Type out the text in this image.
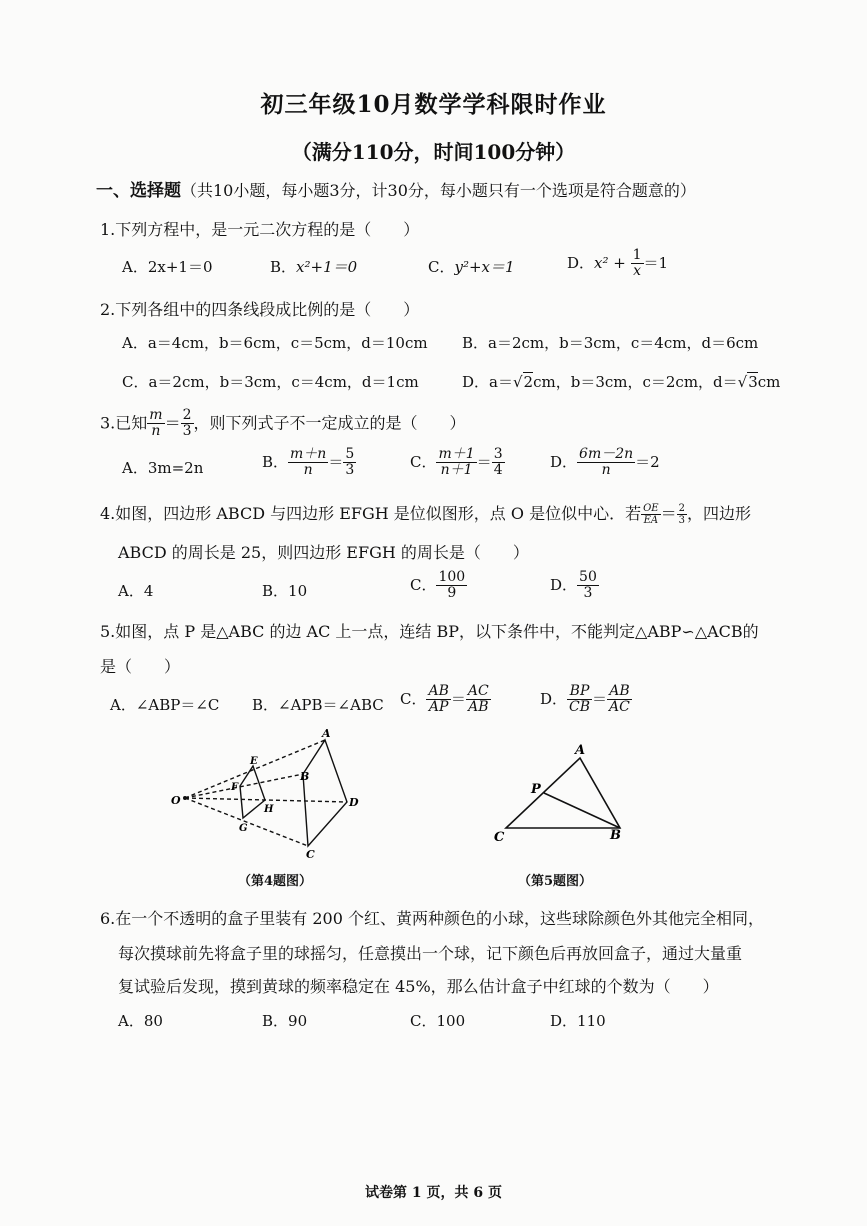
初三年级10月数学学科限时作业
（满分110分，时间100分钟）
一、选择题（共10小题，每小题3分，计30分，每小题只有一个选项是符合题意的）
1.下列方程中，是一元二次方程的是（　　）
A．2x+1＝0	B．x²+1＝0	C．y²+x＝1	D．$x^2 + \frac{1}{x} =1$
2.下列各组中的四条线段成比例的是（　　）
A．a＝4cm，b＝6cm，c＝5cm，d＝10cm B．a＝2cm，b＝3cm，c＝4cm，d＝6cm
C．a＝2cm，b＝3cm，c＝4cm，d＝1cm	D．a＝√2cm，b＝3cm，c＝2cm，d＝√3cm
3.已知 $\frac{m}{n} = \frac{2}{3}$ ，则下列式子不一定成立的是（　　）
A．3m=2n	B． $\frac{m+n}{n} = \frac{5}{3}$	C． $\frac{m+1}{n+1} = \frac{3}{4}$	D． $\frac{6m-2n}{n} =2$
4.如图，四边形 ABCD 与四边形 EFGH 是位似图形，点 O 是位似中心．若 $\frac{OE}{EA} = \frac{2}{3}$ ，四边形
ABCD 的周长是 25，则四边形 EFGH 的周长是（　　）
A．4	B．10	C． $\frac{100}{9}$	D． $\frac{50}{3}$
5.如图，点 P 是△ABC 的边 AC 上一点，连结 BP，以下条件中，不能判定△ABP∽△ACB的
是（　　）
A．∠ABP＝∠C B．∠APB＝∠ABC C． $\frac{AB}{AP} = \frac{AC}{AB}$	D． $\frac{BP}{CB} = \frac{AB}{AC}$
O
A
B
D
C
E
F
H
G
（第4题图）
A
P
C	B
（第5题图）
6.在一个不透明的盒子里装有 200 个红、黄两种颜色的小球，这些球除颜色外其他完全相同，
每次摸球前先将盒子里的球摇匀，任意摸出一个球，记下颜色后再放回盒子，通过大量重
复试验后发现，摸到黄球的频率稳定在 45%，那么估计盒子中红球的个数为（　　）
A．80	B．90	C．100	D．110
试卷第 1 页，共 6 页
